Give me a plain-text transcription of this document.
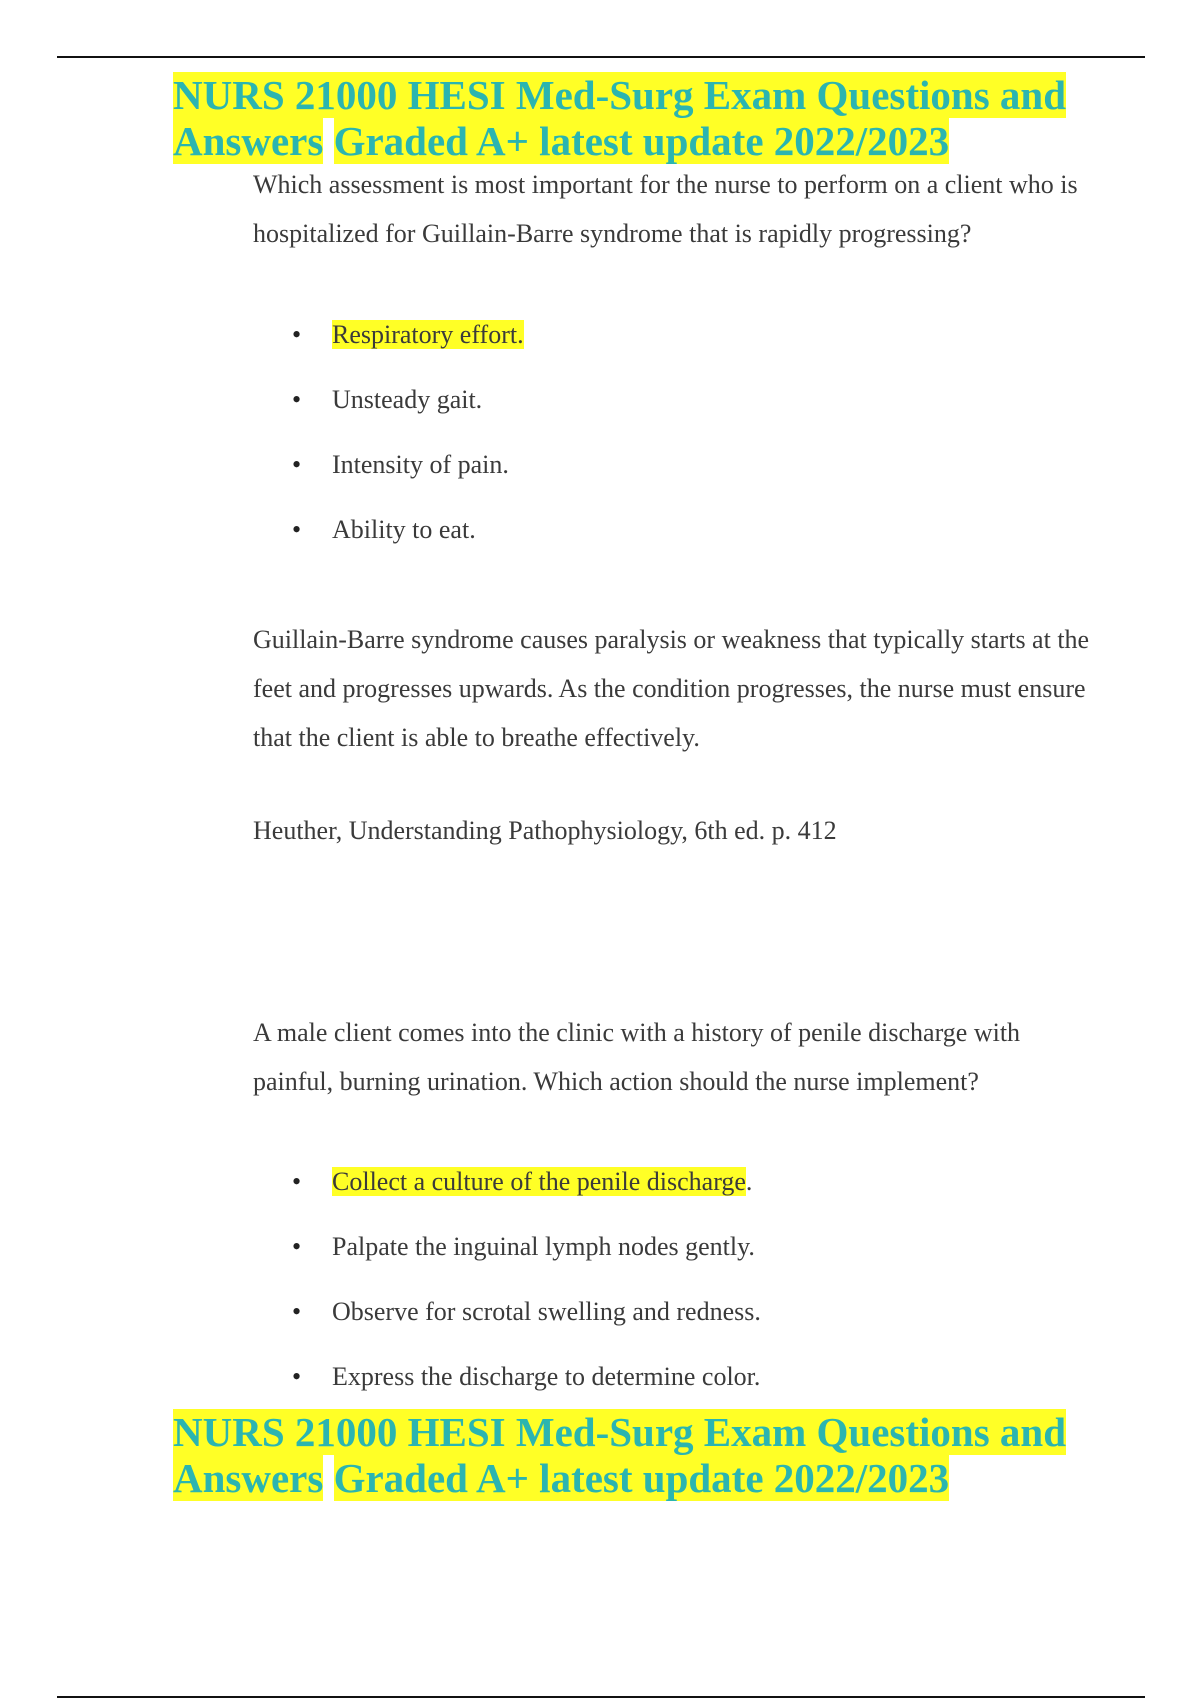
NURS 21000 HESI Med-Surg Exam Questions and
Answers Graded A+ latest update 2022/2023

Which assessment is most important for the nurse to perform on a client who is hospitalized for Guillain-Barre syndrome that is rapidly progressing?

• Respiratory effort.
• Unsteady gait.
• Intensity of pain.
• Ability to eat.

Guillain-Barre syndrome causes paralysis or weakness that typically starts at the feet and progresses upwards. As the condition progresses, the nurse must ensure that the client is able to breathe effectively.

Heuther, Understanding Pathophysiology, 6th ed. p. 412

A male client comes into the clinic with a history of penile discharge with painful, burning urination. Which action should the nurse implement?

• Collect a culture of the penile discharge.
• Palpate the inguinal lymph nodes gently.
• Observe for scrotal swelling and redness.
• Express the discharge to determine color.
NURS 21000 HESI Med-Surg Exam Questions and
Answers Graded A+ latest update 2022/2023
